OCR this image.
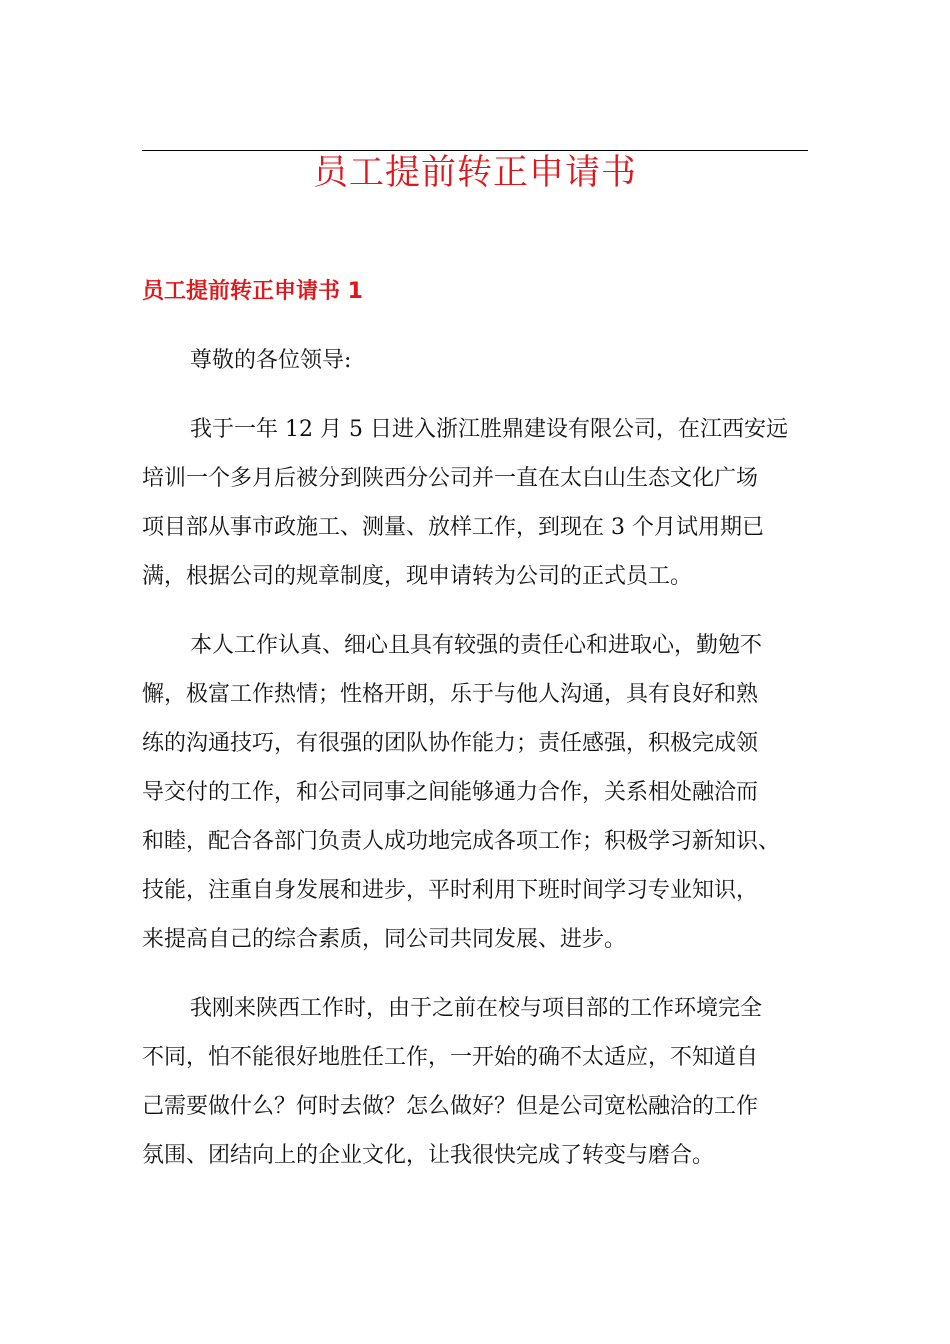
员工提前转正申请书
员工提前转正申请书 1

尊敬的各位领导:

我于一年 12 月 5 日进入浙江胜鼎建设有限公司，在江西安远
培训一个多月后被分到陕西分公司并一直在太白山生态文化广场
项目部从事市政施工、测量、放样工作，到现在 3 个月试用期已
满，根据公司的规章制度，现申请转为公司的正式员工。

本人工作认真、细心且具有较强的责任心和进取心，勤勉不
懈，极富工作热情；性格开朗，乐于与他人沟通，具有良好和熟
练的沟通技巧，有很强的团队协作能力；责任感强，积极完成领
导交付的工作，和公司同事之间能够通力合作，关系相处融洽而
和睦，配合各部门负责人成功地完成各项工作；积极学习新知识、
技能，注重自身发展和进步，平时利用下班时间学习专业知识，
来提高自己的综合素质，同公司共同发展、进步。

我刚来陕西工作时，由于之前在校与项目部的工作环境完全
不同，怕不能很好地胜任工作，一开始的确不太适应，不知道自
己需要做什么？何时去做？怎么做好？但是公司宽松融洽的工作
氛围、团结向上的企业文化，让我很快完成了转变与磨合。
